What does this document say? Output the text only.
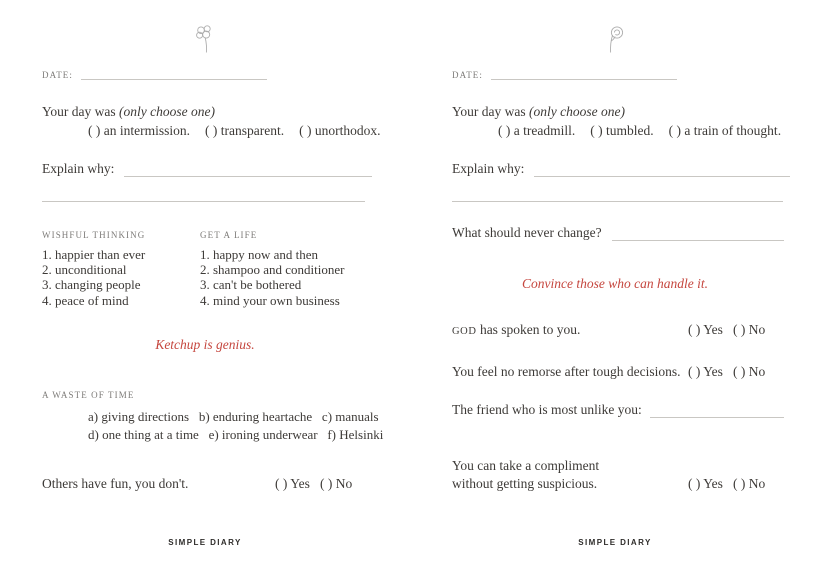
DATE:
Your day was (only choose one)
( ) an intermission. ( ) transparent. ( ) unorthodox.
Explain why:
WISHFUL THINKING
1. happier than ever
2. unconditional
3. changing people
4. peace of mind
GET A LIFE
1. happy now and then
2. shampoo and conditioner
3. can't be bothered
4. mind your own business
Ketchup is genius.
A WASTE OF TIME
a) giving directions   b) enduring heartache   c) manuals
d) one thing at a time   e) ironing underwear   f) Helsinki
Others have fun, you don't.	( ) Yes ( ) No
SIMPLE DIARY
DATE:
Your day was (only choose one)
( ) a treadmill. ( ) tumbled. ( ) a train of thought.
Explain why:
What should never change?
Convince those who can handle it.
GOD has spoken to you.	( ) Yes ( ) No
You feel no remorse after tough decisions. ( ) Yes ( ) No
The friend who is most unlike you:
You can take a compliment
without getting suspicious.	( ) Yes ( ) No
SIMPLE DIARY
